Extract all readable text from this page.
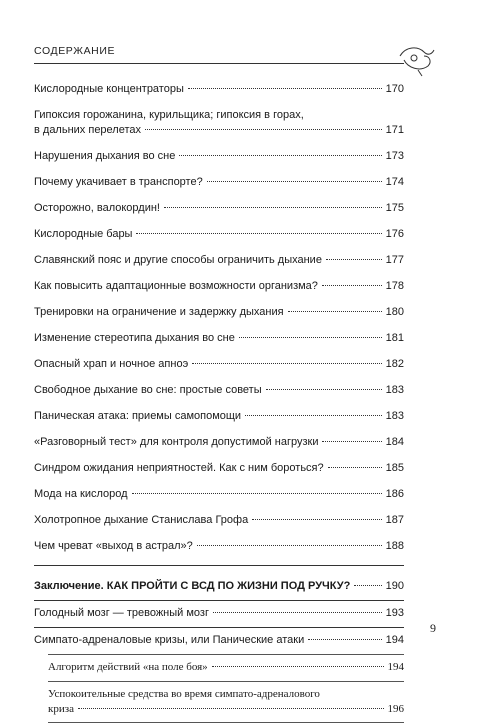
СОДЕРЖАНИЕ
Кислородные концентраторы	170
Гипоксия горожанина, курильщика; гипоксия в горах,
в дальних перелетах	171
Нарушения дыхания во сне	173
Почему укачивает в транспорте?	174
Осторожно, валокордин!	175
Кислородные бары	176
Славянский пояс и другие способы ограничить дыхание	177
Как повысить адаптационные возможности организма?	178
Тренировки на ограничение и задержку дыхания	180
Изменение стереотипа дыхания во сне	181
Опасный храп и ночное апноэ	182
Свободное дыхание во сне: простые советы	183
Паническая атака: приемы самопомощи	183
«Разговорный тест» для контроля допустимой нагрузки	184
Синдром ожидания неприятностей. Как с ним бороться?	185
Мода на кислород	186
Холотропное дыхание Станислава Грофа	187
Чем чреват «выход в астрал»?	188
Заключение. КАК ПРОЙТИ С ВСД ПО ЖИЗНИ ПОД РУЧКУ?	190
Голодный мозг — тревожный мозг	193
Симпато-адреналовые кризы, или Панические атаки	194
Алгоритм действий «на поле боя»	194
Успокоительные средства во время симпато-адреналового
криза	196
9
